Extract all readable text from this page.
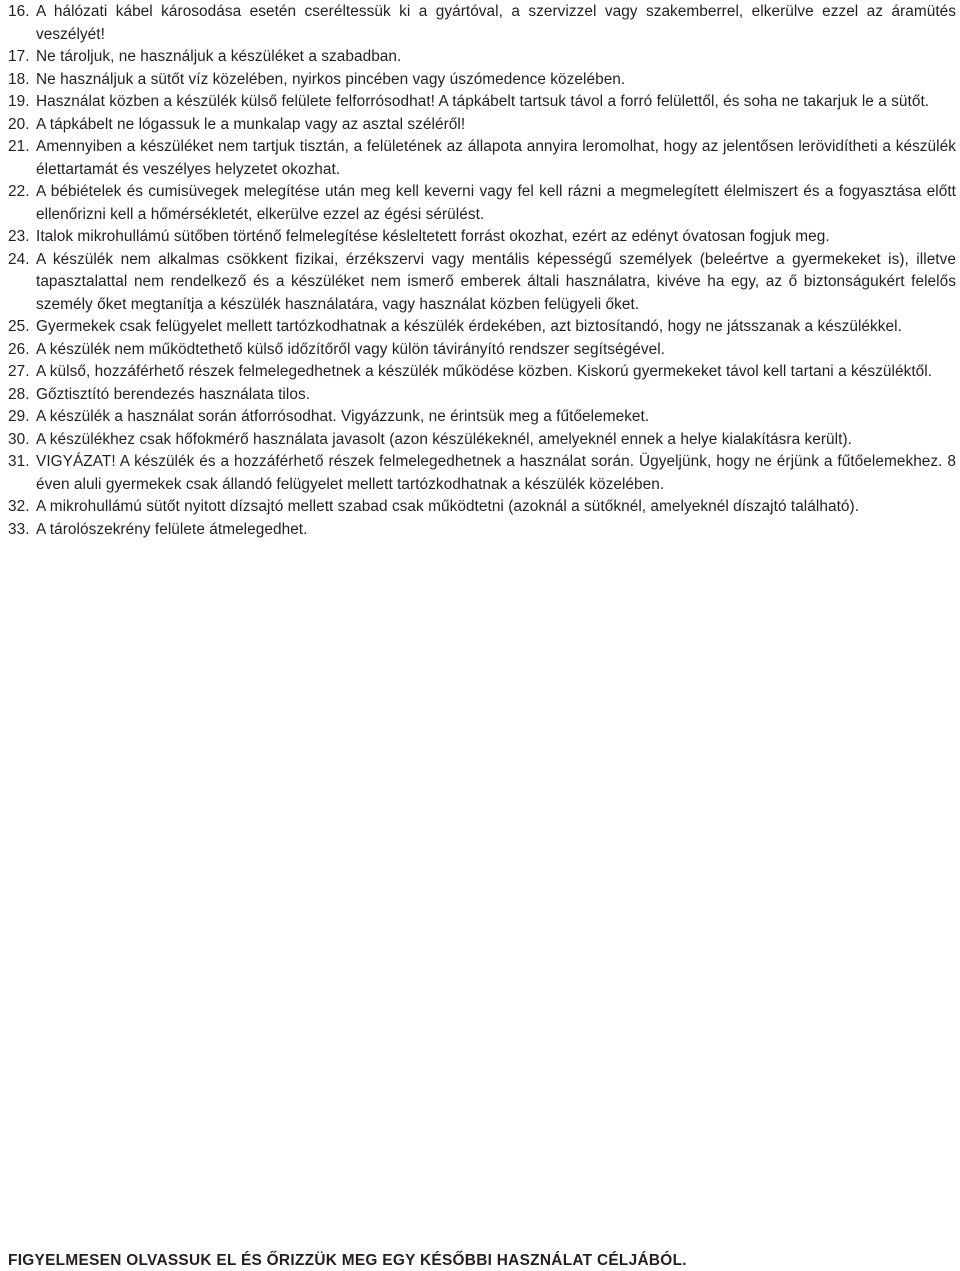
16. A hálózati kábel károsodása esetén cseréltessük ki a gyártóval, a szervizzel vagy szakemberrel, elkerülve ezzel az áramütés veszélyét!
17. Ne tároljuk, ne használjuk a készüléket a szabadban.
18. Ne használjuk a sütőt víz közelében, nyirkos pincében vagy úszómedence közelében.
19. Használat közben a készülék külső felülete felforrósodhat! A tápkábelt tartsuk távol a forró felülettől, és soha ne takarjuk le a sütőt.
20. A tápkábelt ne lógassuk le a munkalap vagy az asztal széléről!
21. Amennyiben a készüléket nem tartjuk tisztán, a felületének az állapota annyira leromolhat, hogy az jelentősen lerövidítheti a készülék élettartamát és veszélyes helyzetet okozhat.
22. A bébiételek és cumisüvegek melegítése után meg kell keverni vagy fel kell rázni a megmelegített élelmiszert és a fogyasztása előtt ellenőrizni kell a hőmérsékletét, elkerülve ezzel az égési sérülést.
23. Italok mikrohullámú sütőben történő felmelegítése késleltetett forrást okozhat, ezért az edényt óvatosan fogjuk meg.
24. A készülék nem alkalmas csökkent fizikai, érzékszervi vagy mentális képességű személyek (beleértve a gyermekeket is), illetve tapasztalattal nem rendelkező és a készüléket nem ismerő emberek általi használatra, kivéve ha egy, az ő biztonságukért felelős személy őket megtanítja a készülék használatára, vagy használat közben felügyeli őket.
25. Gyermekek csak felügyelet mellett tartózkodhatnak a készülék érdekében, azt biztosítandó, hogy ne játsszanak a készülékkel.
26. A készülék nem működtethető külső időzítőről vagy külön távirányító rendszer segítségével.
27. A külső, hozzáférhető részek felmelegedhetnek a készülék működése közben. Kiskorú gyermekeket távol kell tartani a készüléktől.
28. Gőztisztító berendezés használata tilos.
29. A készülék a használat során átforrósodhat. Vigyázzunk, ne érintsük meg a fűtőelemeket.
30. A készülékhez csak hőfokmérő használata javasolt (azon készülékeknél, amelyeknél ennek a helye kialakításra került).
31. VIGYÁZAT! A készülék és a hozzáférhető részek felmelegedhetnek a használat során. Ügyeljünk, hogy ne érjünk a fűtőelemekhez. 8 éven aluli gyermekek csak állandó felügyelet mellett tartózkodhatnak a készülék közelében.
32. A mikrohullámú sütőt nyitott dízsajtó mellett szabad csak működtetni (azoknál a sütőknél, amelyeknél díszajtó található).
33. A tárolószekrény felülete átmelegedhet.
FIGYELMESEN OLVASSUK EL ÉS ŐRIZZÜK MEG EGY KÉSŐBBI HASZNÁLAT CÉLJÁBÓL.
